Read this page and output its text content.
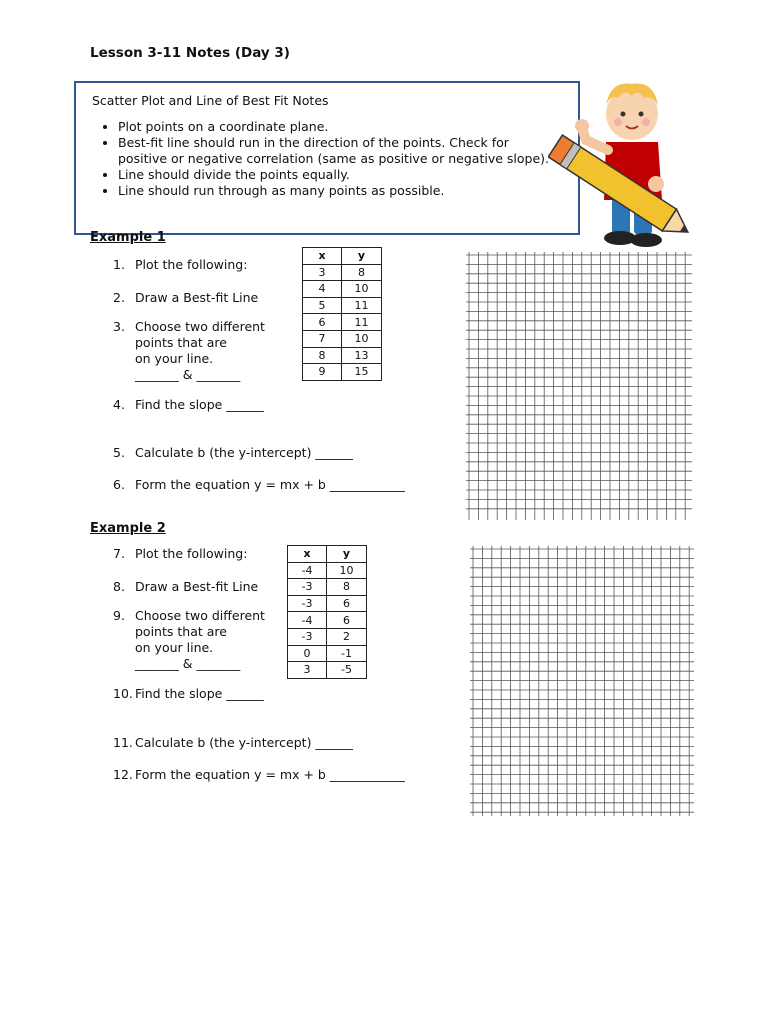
Lesson 3-11 Notes (Day 3)
Scatter Plot and Line of Best Fit Notes
• Plot points on a coordinate plane.
• Best-fit line should run in the direction of the points. Check for
positive or negative correlation (same as positive or negative slope).
• Line should divide the points equally.
• Line should run through as many points as possible.
Example 1
1. Plot the following:
2. Draw a Best-fit Line
3. Choose two different
points that are
on your line.
_______ & _______
4. Find the slope ______
5. Calculate b (the y-intercept) ______
6. Form the equation y = mx + b ____________
x	y
3	8
4	10
5	11
6	11
7	10
8	13
9	15
Example 2
7. Plot the following:
8. Draw a Best-fit Line
9. Choose two different
points that are
on your line.
_______ & _______
10. Find the slope ______
11. Calculate b (the y-intercept) ______
12. Form the equation y = mx + b ____________
x	y
-4	10
-3	8
-3	6
-4	6
-3	2
0	-1
3	-5
